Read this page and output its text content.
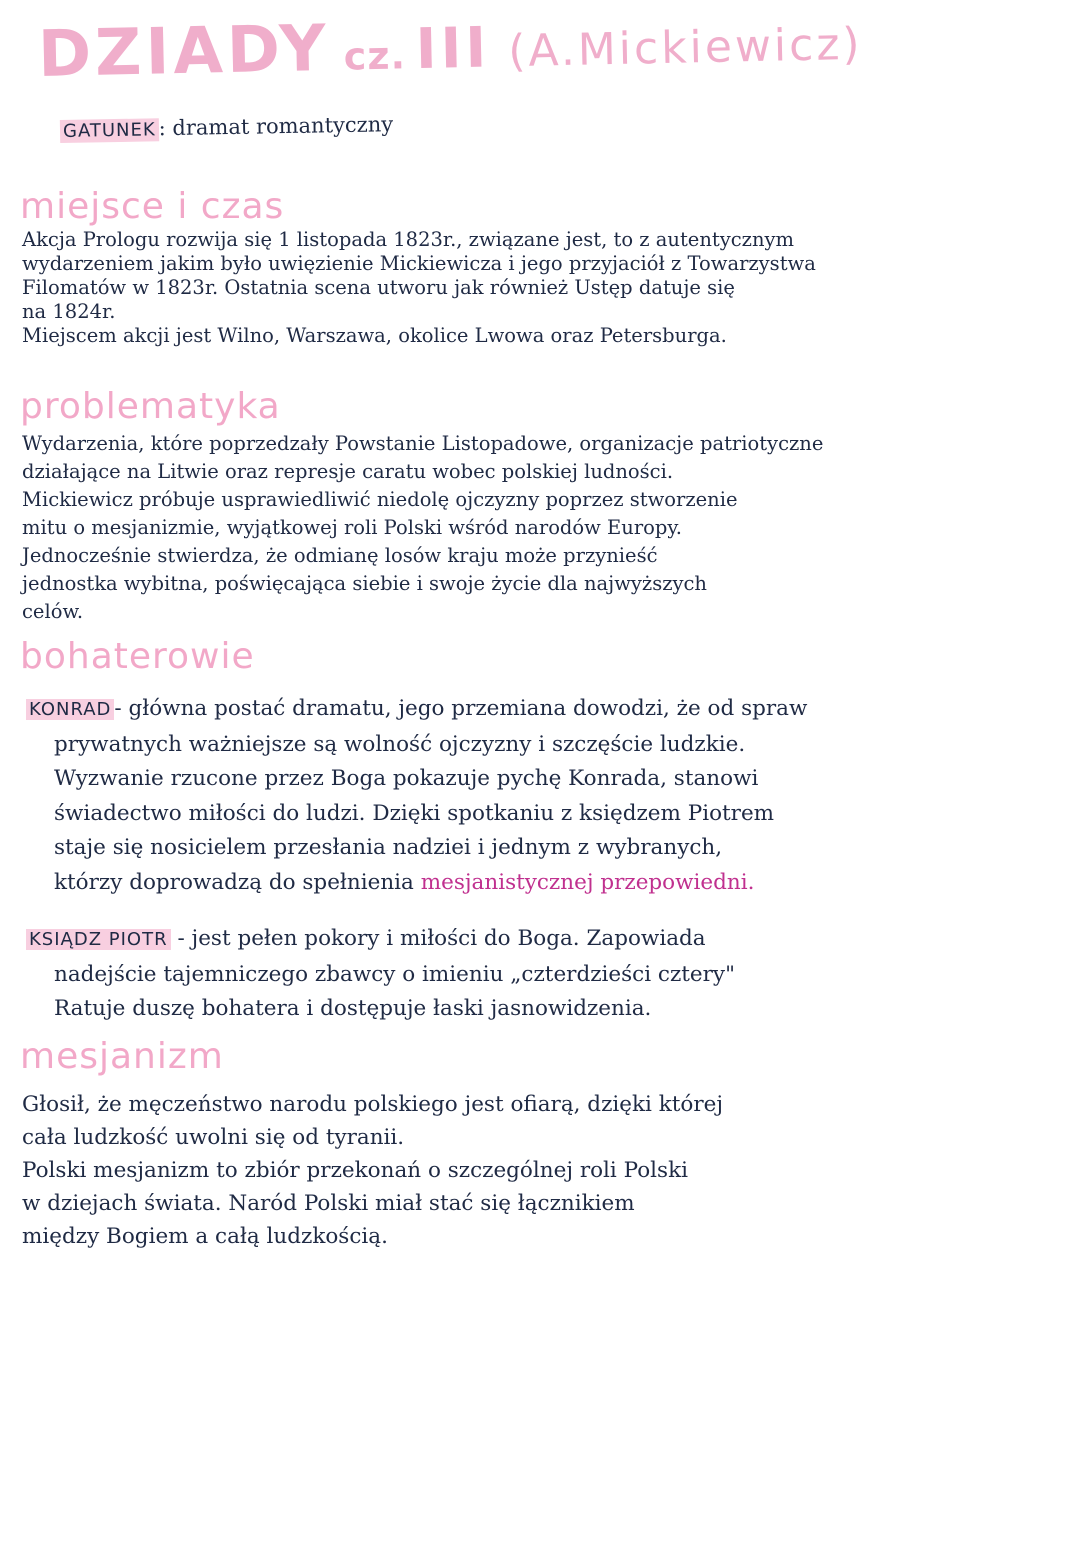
DZIADY cz. III (A.Mickiewicz)
GATUNEK : dramat romantyczny
miejsce i czas

Akcja Prologu rozwija się 1 listopada 1823r., związane jest, to z autentycznym

wydarzeniem jakim było uwięzienie Mickiewicza i jego przyjaciół z Towarzystwa

Filomatów w 1823r. Ostatnia scena utworu jak również Ustęp datuje się

na 1824r.

Miejscem akcji jest Wilno, Warszawa, okolice Lwowa oraz Petersburga.

problematyka

Wydarzenia, które poprzedzały Powstanie Listopadowe, organizacje patriotyczne

działające na Litwie oraz represje caratu wobec polskiej ludności.

Mickiewicz próbuje usprawiedliwić niedolę ojczyzny poprzez stworzenie

mitu o mesjanizmie, wyjątkowej roli Polski wśród narodów Europy.

Jednocześnie stwierdza, że odmianę losów kraju może przynieść

jednostka wybitna, poświęcająca siebie i swoje życie dla najwyższych

celów.

bohaterowie
KONRAD - główna postać dramatu, jego przemiana dowodzi, że od spraw
prywatnych ważniejsze są wolność ojczyzny i szczęście ludzkie.
Wyzwanie rzucone przez Boga pokazuje pychę Konrada, stanowi
świadectwo miłości do ludzi. Dzięki spotkaniu z księdzem Piotrem
staje się nosicielem przesłania nadziei i jednym z wybranych,
którzy doprowadzą do spełnienia mesjanistycznej przepowiedni.
KSIĄDZ PIOTR - jest pełen pokory i miłości do Boga. Zapowiada
nadejście tajemniczego zbawcy o imieniu „czterdzieści cztery"
Ratuje duszę bohatera i dostępuje łaski jasnowidzenia.
mesjanizm

Głosił, że męczeństwo narodu polskiego jest ofiarą, dzięki której

cała ludzkość uwolni się od tyranii.

Polski mesjanizm to zbiór przekonań o szczególnej roli Polski

w dziejach świata. Naród Polski miał stać się łącznikiem

między Bogiem a całą ludzkością.
